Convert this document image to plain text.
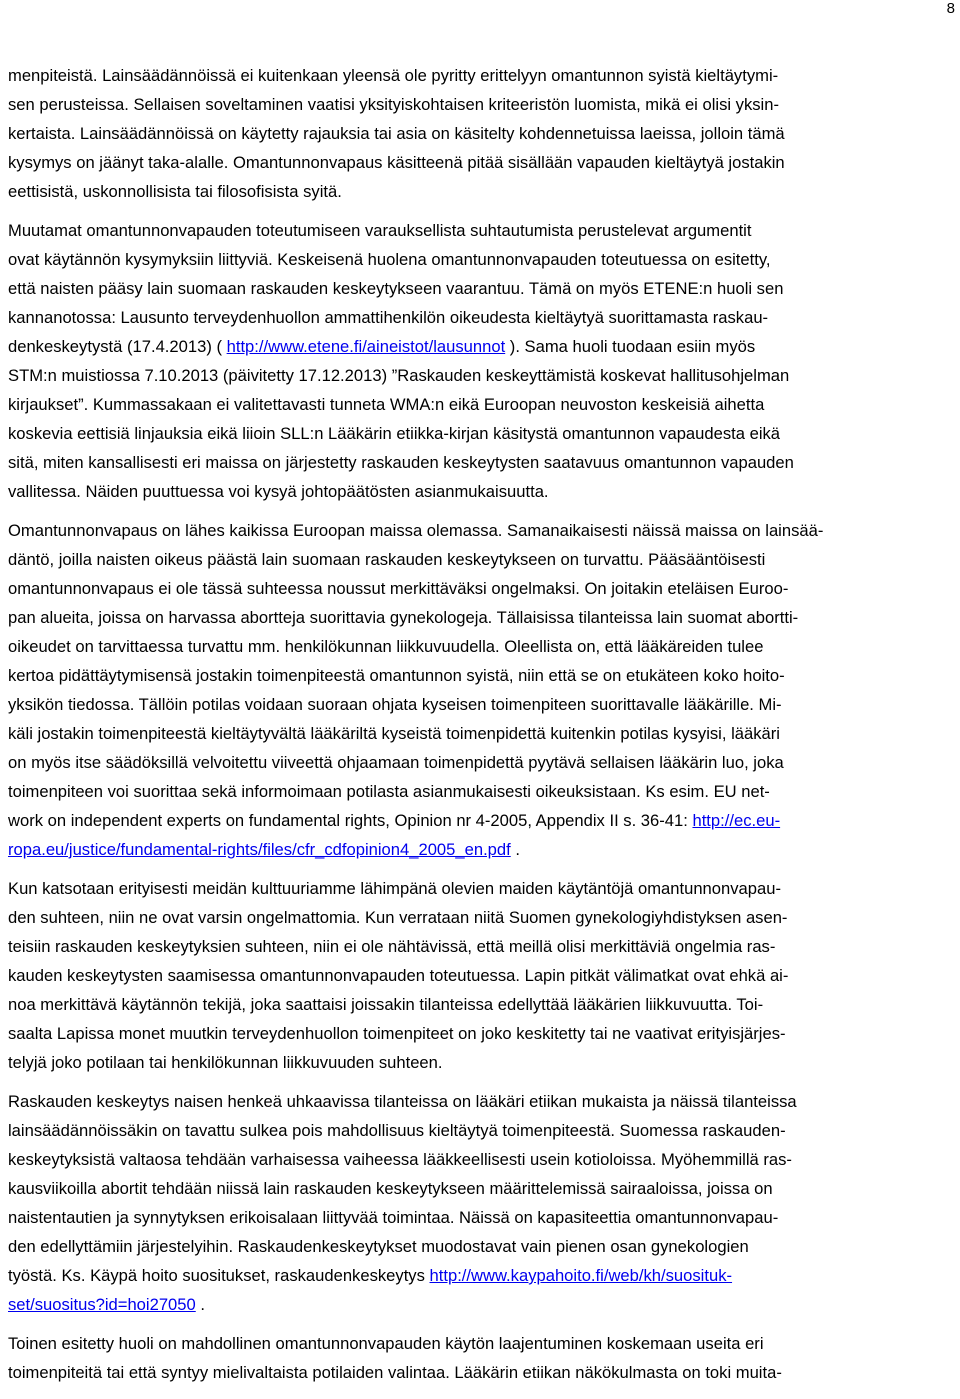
8
menpiteistä. Lainsäädännöissä ei kuitenkaan yleensä ole pyritty erittelyyn omantunnon syistä kieltäytymi-
sen perusteissa. Sellaisen soveltaminen vaatisi yksityiskohtaisen kriteeristön luomista, mikä ei olisi yksin-
kertaista. Lainsäädännöissä on käytetty rajauksia tai asia on käsitelty kohdennetuissa laeissa, jolloin tämä
kysymys on jäänyt taka-alalle. Omantunnonvapaus käsitteenä pitää sisällään vapauden kieltäytyä jostakin
eettisistä, uskonnollisista tai filosofisista syitä.
Muutamat omantunnonvapauden toteutumiseen varauksellista suhtautumista perustelevat argumentit
ovat käytännön kysymyksiin liittyviä. Keskeisenä huolena omantunnonvapauden toteutuessa on esitetty,
että naisten pääsy lain suomaan raskauden keskeytykseen vaarantuu. Tämä on myös ETENE:n huoli sen
kannanotossa: Lausunto terveydenhuollon ammattihenkilön oikeudesta kieltäytyä suorittamasta raskau-
denkeskeytystä (17.4.2013) ( http://www.etene.fi/aineistot/lausunnot ). Sama huoli tuodaan esiin myös
STM:n muistiossa 7.10.2013 (päivitetty 17.12.2013) ”Raskauden keskeyttämistä koskevat hallitusohjelman
kirjaukset”. Kummassakaan ei valitettavasti tunneta WMA:n eikä Euroopan neuvoston keskeisiä aihetta
koskevia eettisiä linjauksia eikä liioin SLL:n Lääkärin etiikka-kirjan käsitystä omantunnon vapaudesta eikä
sitä, miten kansallisesti eri maissa on järjestetty raskauden keskeytysten saatavuus omantunnon vapauden
vallitessa. Näiden puuttuessa voi kysyä johtopäätösten asianmukaisuutta.
Omantunnonvapaus on lähes kaikissa Euroopan maissa olemassa. Samanaikaisesti näissä maissa on lainsää-
däntö, joilla naisten oikeus päästä lain suomaan raskauden keskeytykseen on turvattu. Pääsääntöisesti
omantunnonvapaus ei ole tässä suhteessa noussut merkittäväksi ongelmaksi. On joitakin eteläisen Euroo-
pan alueita, joissa on harvassa abortteja suorittavia gynekologeja. Tällaisissa tilanteissa lain suomat abortti-
oikeudet on tarvittaessa turvattu mm. henkilökunnan liikkuvuudella. Oleellista on, että lääkäreiden tulee
kertoa pidättäytymisensä jostakin toimenpiteestä omantunnon syistä, niin että se on etukäteen koko hoito-
yksikön tiedossa. Tällöin potilas voidaan suoraan ohjata kyseisen toimenpiteen suorittavalle lääkärille. Mi-
käli jostakin toimenpiteestä kieltäytyvältä lääkäriltä kyseistä toimenpidettä kuitenkin potilas kysyisi, lääkäri
on myös itse säädöksillä velvoitettu viiveettä ohjaamaan toimenpidettä pyytävä sellaisen lääkärin luo, joka
toimenpiteen voi suorittaa sekä informoimaan potilasta asianmukaisesti oikeuksistaan. Ks esim. EU net-
work on independent experts on fundamental rights, Opinion nr 4-2005, Appendix II s. 36-41: http://ec.eu-
ropa.eu/justice/fundamental-rights/files/cfr_cdfopinion4_2005_en.pdf .
Kun katsotaan erityisesti meidän kulttuuriamme lähimpänä olevien maiden käytäntöjä omantunnonvapau-
den suhteen, niin ne ovat varsin ongelmattomia. Kun verrataan niitä Suomen gynekologiyhdistyksen asen-
teisiin raskauden keskeytyksien suhteen, niin ei ole nähtävissä, että meillä olisi merkittäviä ongelmia ras-
kauden keskeytysten saamisessa omantunnonvapauden toteutuessa. Lapin pitkät välimatkat ovat ehkä ai-
noa merkittävä käytännön tekijä, joka saattaisi joissakin tilanteissa edellyttää lääkärien liikkuvuutta. Toi-
saalta Lapissa monet muutkin terveydenhuollon toimenpiteet on joko keskitetty tai ne vaativat erityisjärjes-
telyjä joko potilaan tai henkilökunnan liikkuvuuden suhteen.
Raskauden keskeytys naisen henkeä uhkaavissa tilanteissa on lääkäri etiikan mukaista ja näissä tilanteissa
lainsäädännöissäkin on tavattu sulkea pois mahdollisuus kieltäytyä toimenpiteestä. Suomessa raskauden-
keskeytyksistä valtaosa tehdään varhaisessa vaiheessa lääkkeellisesti usein kotioloissa. Myöhemmillä ras-
kausviikoilla abortit tehdään niissä lain raskauden keskeytykseen määrittelemissä sairaaloissa, joissa on
naistentautien ja synnytyksen erikoisalaan liittyvää toimintaa. Näissä on kapasiteettia omantunnonvapau-
den edellyttämiin järjestelyihin. Raskaudenkeskeytykset muodostavat vain pienen osan gynekologien
työstä. Ks. Käypä hoito suositukset, raskaudenkeskeytys http://www.kaypahoito.fi/web/kh/suosituk-
set/suositus?id=hoi27050 .
Toinen esitetty huoli on mahdollinen omantunnonvapauden käytön laajentuminen koskemaan useita eri
toimenpiteitä tai että syntyy mielivaltaista potilaiden valintaa. Lääkärin etiikan näkökulmasta on toki muita-
